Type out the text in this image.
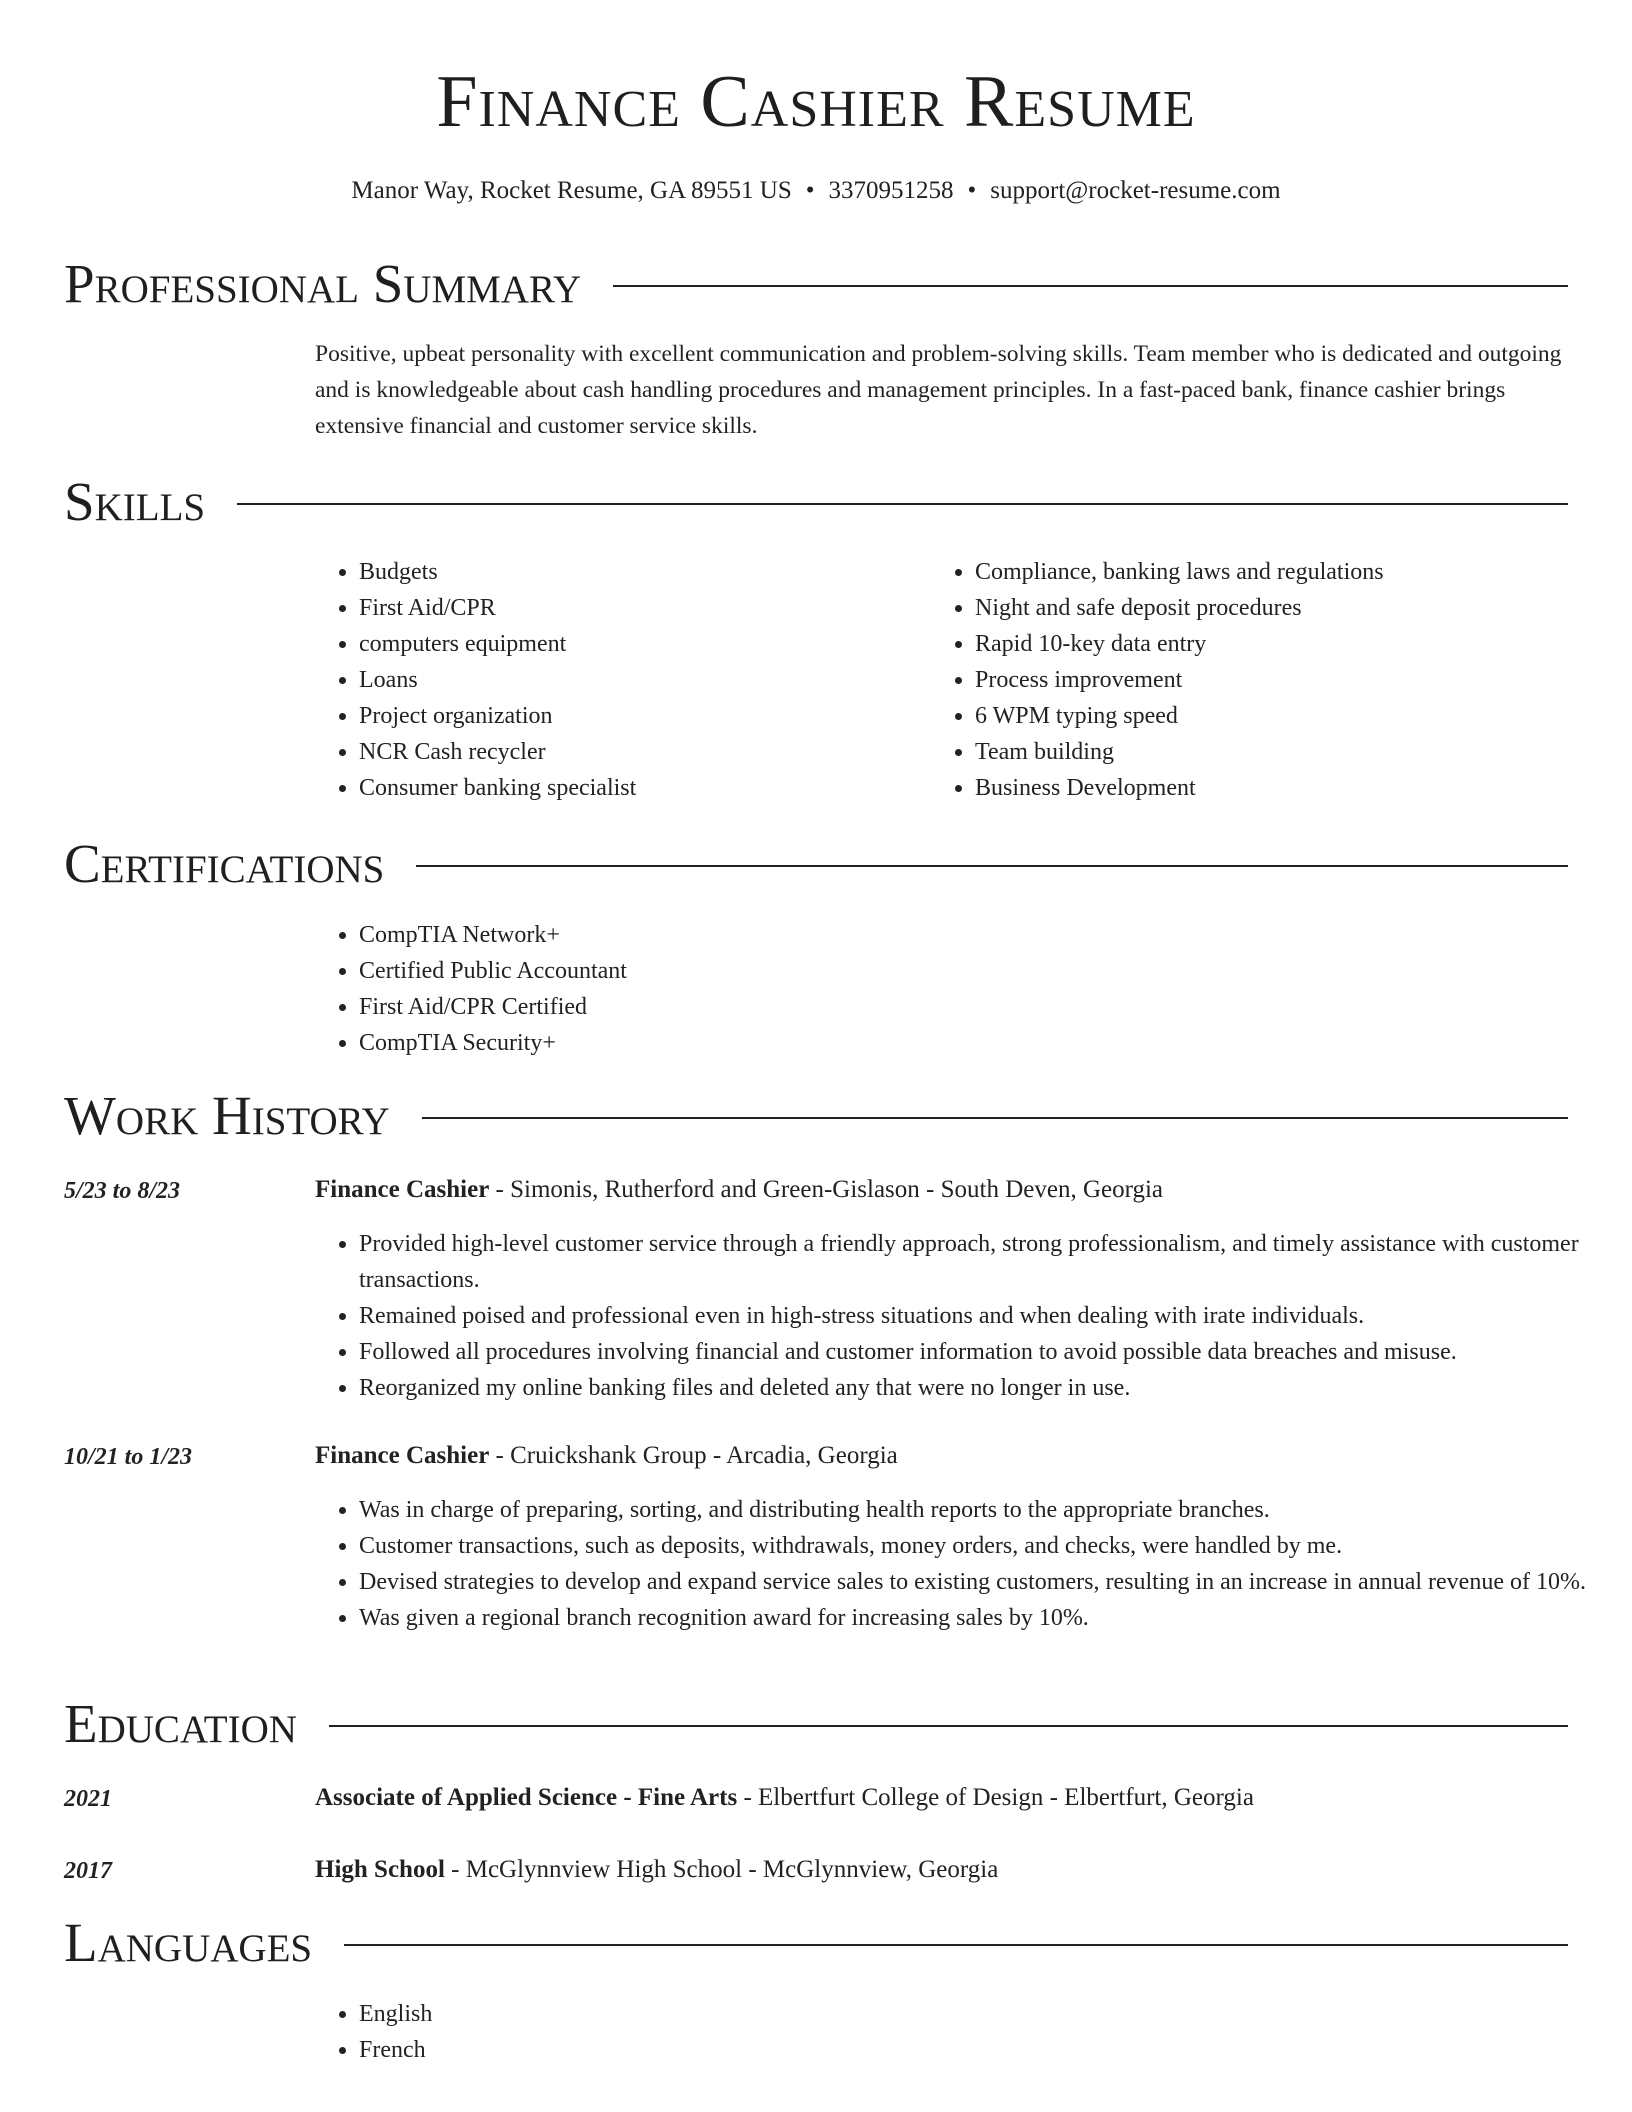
Finance Cashier Resume
Manor Way, Rocket Resume, GA 89551 US • 3370951258 • support@rocket-resume.com
Professional Summary
Positive, upbeat personality with excellent communication and problem-solving skills. Team member who is dedicated and outgoing and is knowledgeable about cash handling procedures and management principles. In a fast-paced bank, finance cashier brings extensive financial and customer service skills.
Skills
• Budgets
• First Aid/CPR
• computers equipment
• Loans
• Project organization
• NCR Cash recycler
• Consumer banking specialist
• Compliance, banking laws and regulations
• Night and safe deposit procedures
• Rapid 10-key data entry
• Process improvement
• 6 WPM typing speed
• Team building
• Business Development
Certifications
• CompTIA Network+
• Certified Public Accountant
• First Aid/CPR Certified
• CompTIA Security+
Work History
5/23 to 8/23	Finance Cashier - Simonis, Rutherford and Green-Gislason - South Deven, Georgia
• Provided high-level customer service through a friendly approach, strong professionalism, and timely assistance with customer transactions.
• Remained poised and professional even in high-stress situations and when dealing with irate individuals.
• Followed all procedures involving financial and customer information to avoid possible data breaches and misuse.
• Reorganized my online banking files and deleted any that were no longer in use.
10/21 to 1/23	Finance Cashier - Cruickshank Group - Arcadia, Georgia
• Was in charge of preparing, sorting, and distributing health reports to the appropriate branches.
• Customer transactions, such as deposits, withdrawals, money orders, and checks, were handled by me.
• Devised strategies to develop and expand service sales to existing customers, resulting in an increase in annual revenue of 10%.
• Was given a regional branch recognition award for increasing sales by 10%.
Education
2021	Associate of Applied Science - Fine Arts - Elbertfurt College of Design - Elbertfurt, Georgia
2017	High School - McGlynnview High School - McGlynnview, Georgia
Languages
• English
• French
